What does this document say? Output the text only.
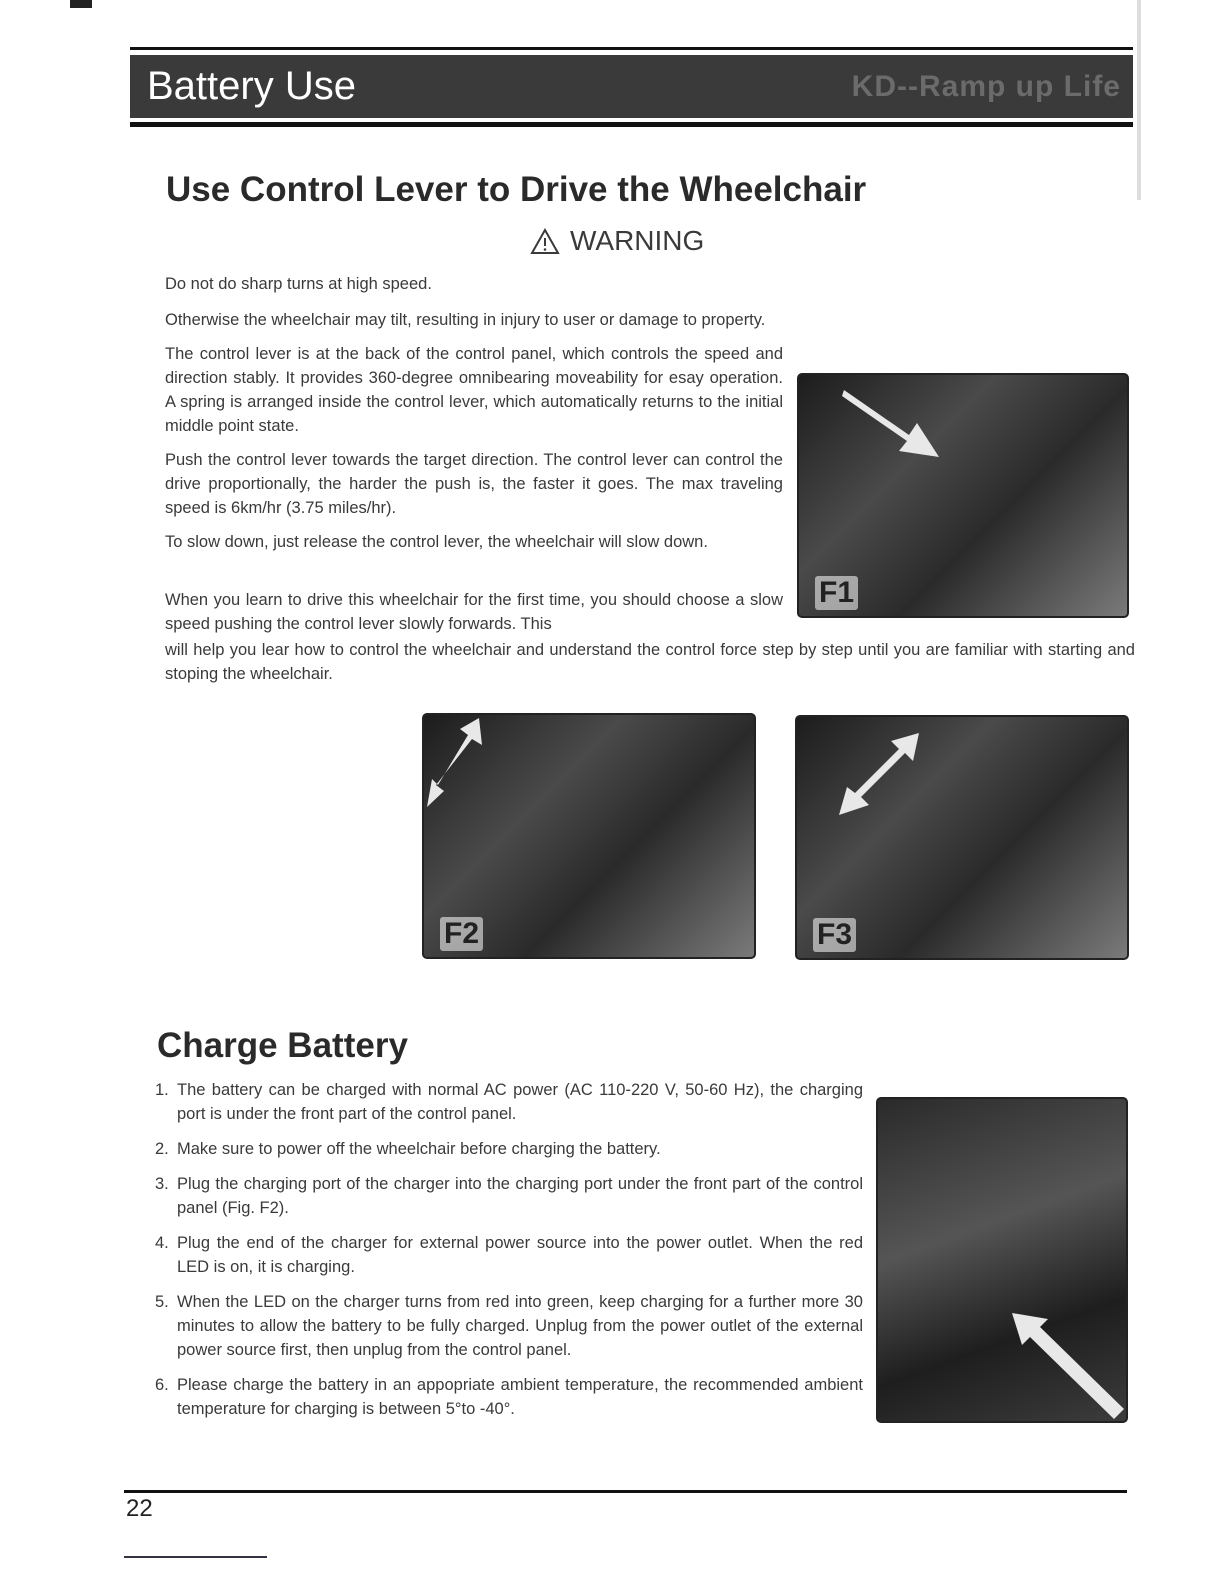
Battery Use	KD--Ramp up Life
Use Control Lever to Drive the Wheelchair
WARNING

Do not do sharp turns at high speed.

Otherwise the wheelchair may tilt, resulting in injury to user or damage to property.

The control lever is at the back of the control panel, which controls the speed and direction stably. It provides 360-degree omnibearing moveability for esay operation. A spring is arranged inside the control lever, which automatically returns to the initial middle point state.

Push the control lever towards the target direction. The control lever can control the drive proportionally, the harder the push is, the faster it goes. The max traveling speed is 6km/hr (3.75 miles/hr).

To slow down, just release the control lever, the wheelchair will slow down.

When you learn to drive this wheelchair for the first time, you should choose a slow speed pushing the control lever slowly forwards. This

will help you lear how to control the wheelchair and understand the control force step by step until you are familiar with starting and stoping the wheelchair.

F1
F2	F3
Charge Battery
1. The battery can be charged with normal AC power (AC 110-220 V, 50-60 Hz), the charging port is under the front part of the control panel.
2. Make sure to power off the wheelchair before charging the battery.
3. Plug the charging port of the charger into the charging port under the front part of the control panel (Fig. F2).
4. Plug the end of the charger for external power source into the power outlet. When the red LED is on, it is charging.
5. When the LED on the charger turns from red into green, keep charging for a further more 30 minutes to allow the battery to be fully charged. Unplug from the power outlet of the external power source first, then unplug from the control panel.
6. Please charge the battery in an appopriate ambient temperature, the recommended ambient temperature for charging is between 5°to -40°.
22
